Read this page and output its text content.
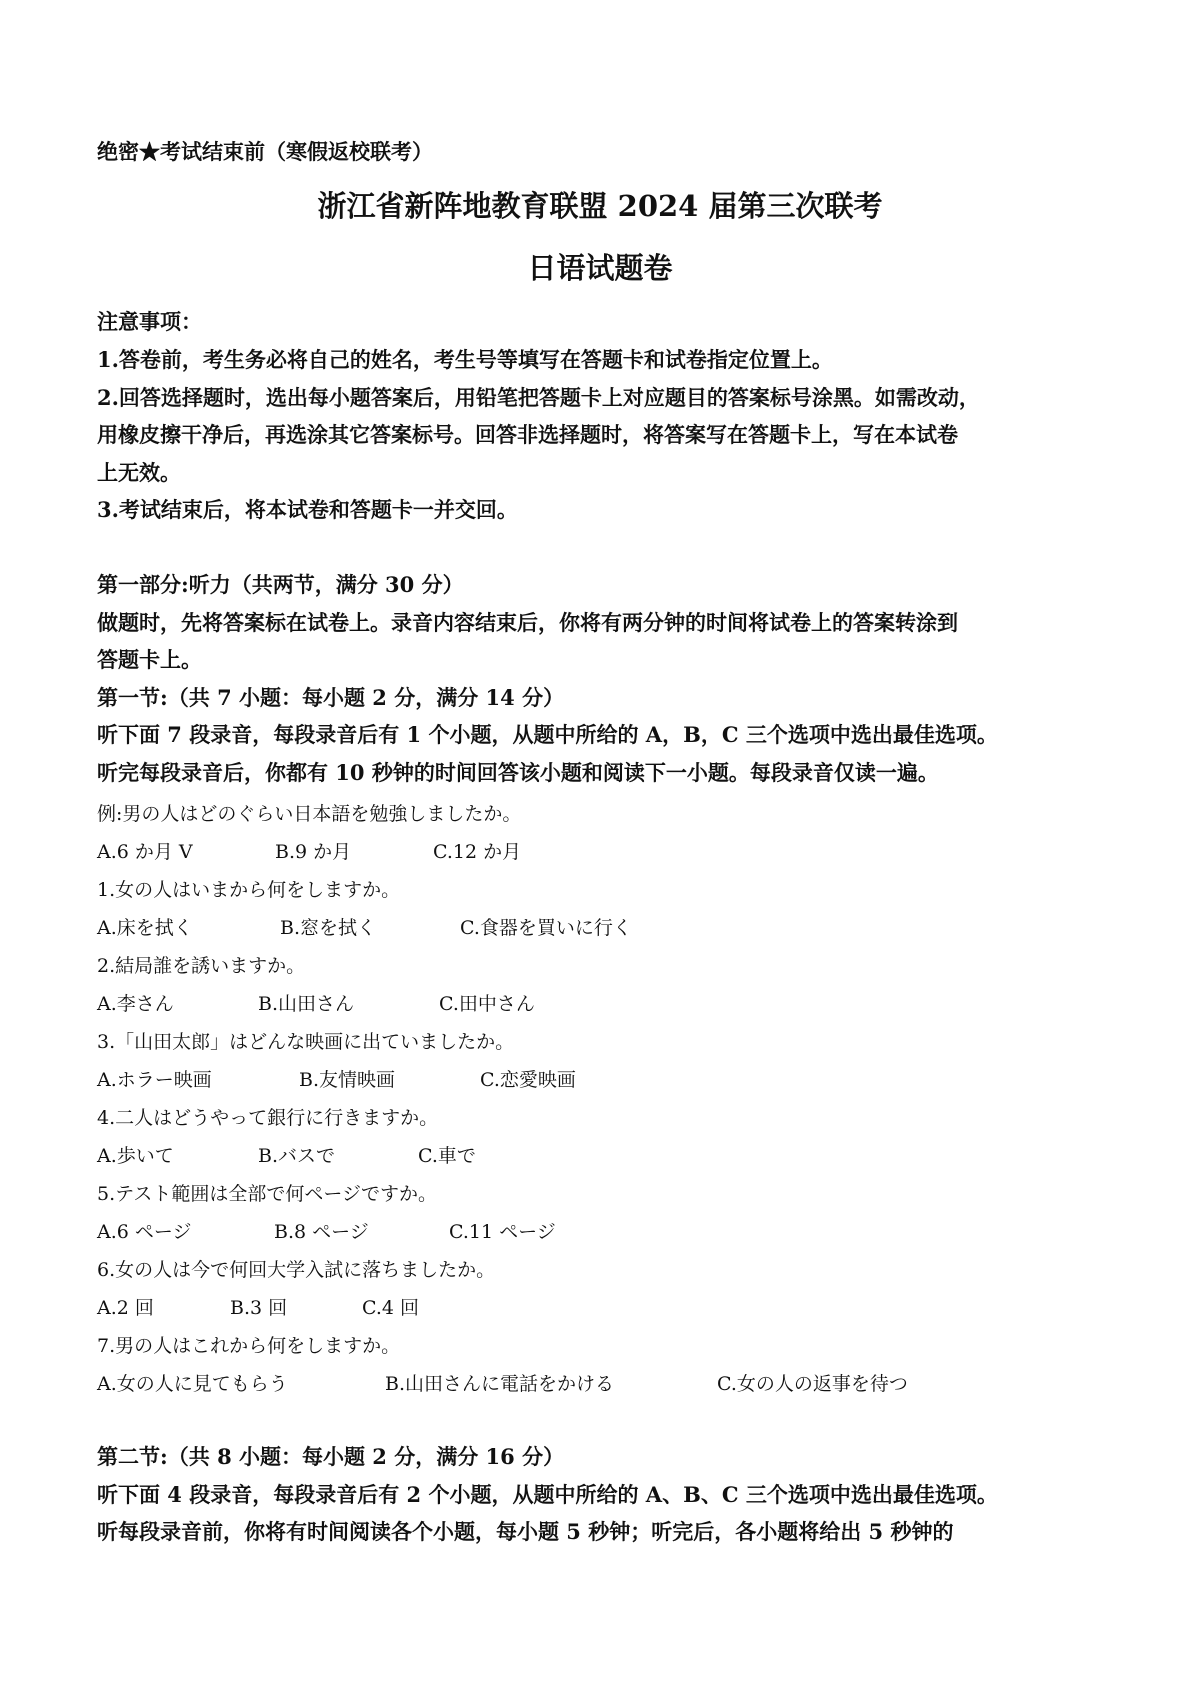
绝密★考试结束前（寒假返校联考）
浙江省新阵地教育联盟 2024 届第三次联考
日语试题卷
注意事项：
1.答卷前，考生务必将自己的姓名，考生号等填写在答题卡和试卷指定位置上。
2.回答选择题时，选出每小题答案后，用铅笔把答题卡上对应题目的答案标号涂黑。如需改动，
用橡皮擦干净后，再选涂其它答案标号。回答非选择题时，将答案写在答题卡上，写在本试卷
上无效。
3.考试结束后，将本试卷和答题卡一并交回。
第一部分:听力（共两节，满分 30 分）
做题时，先将答案标在试卷上。录音内容结束后，你将有两分钟的时间将试卷上的答案转涂到
答题卡上。
第一节:（共 7 小题：每小题 2 分，满分 14 分）
听下面 7 段录音，每段录音后有 1 个小题，从题中所给的 A，B，C 三个选项中选出最佳选项。
听完每段录音后，你都有 10 秒钟的时间回答该小题和阅读下一小题。每段录音仅读一遍。
例:男の人はどのぐらい日本語を勉強しましたか。
A.6 か月 V	B.9 か月	C.12 か月
1.女の人はいまから何をしますか。
A.床を拭く	B.窓を拭く	C.食器を買いに行く
2.結局誰を誘いますか。
A.李さん	B.山田さん	C.田中さん
3.「山田太郎」はどんな映画に出ていましたか。
A.ホラー映画	B.友情映画	C.恋愛映画
4.二人はどうやって銀行に行きますか。
A.歩いて	B.バスで	C.車で
5.テスト範囲は全部で何ページですか。
A.6 ページ	B.8 ページ	C.11 ページ
6.女の人は今で何回大学入試に落ちましたか。
A.2 回	B.3 回	C.4 回
7.男の人はこれから何をしますか。
A.女の人に見てもらう	B.山田さんに電話をかける	C.女の人の返事を待つ
第二节:（共 8 小题：每小题 2 分，满分 16 分）
听下面 4 段录音，每段录音后有 2 个小题，从题中所给的 A、B、C 三个选项中选出最佳选项。
听每段录音前，你将有时间阅读各个小题，每小题 5 秒钟；听完后，各小题将给出 5 秒钟的
